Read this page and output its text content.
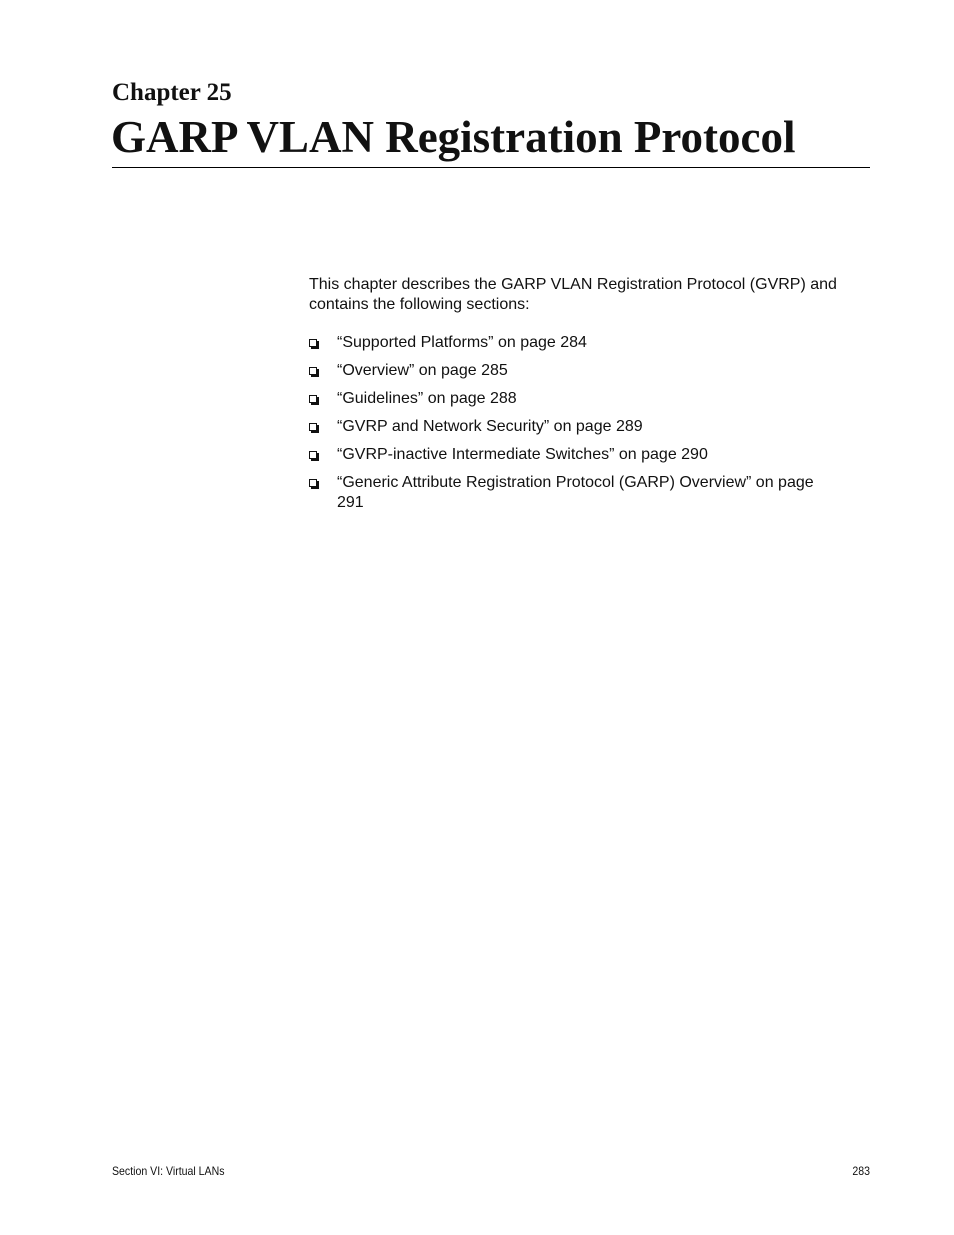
Chapter 25
GARP VLAN Registration Protocol

This chapter describes the GARP VLAN Registration Protocol (GVRP) and contains the following sections:

“Supported Platforms” on page 284
“Overview” on page 285
“Guidelines” on page 288
“GVRP and Network Security” on page 289
“GVRP-inactive Intermediate Switches” on page 290
“Generic Attribute Registration Protocol (GARP) Overview” on page 291
Section VI: Virtual LANs	283
